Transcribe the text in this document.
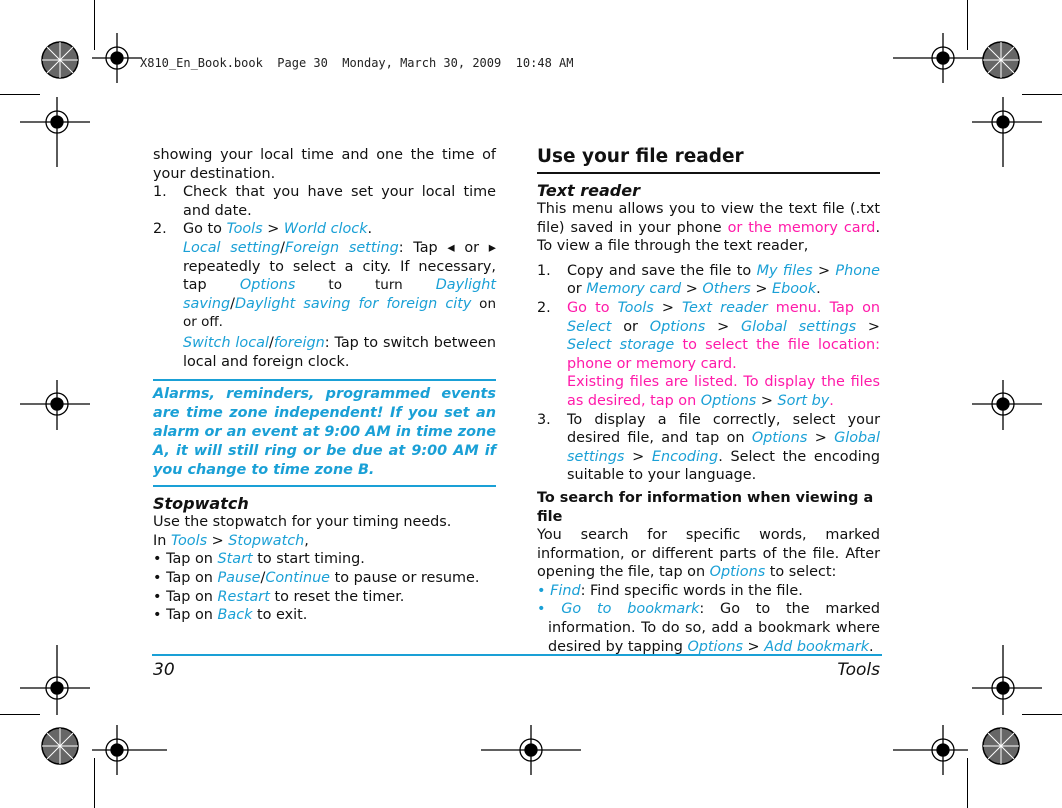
X810_En_Book.book  Page 30  Monday, March 30, 2009  10:48 AM

showing your local time and one the time of your destination.

1.	Check that you have set your local time and date.
2.	Go to Tools > World clock.

Local setting/Foreign setting: Tap ◂ or ▸ repeatedly to select a city. If necessary, tap Options to turn Daylight saving/Daylight saving for foreign city on or off.

Switch local/foreign: Tap to switch between local and foreign clock.

Alarms, reminders, programmed events are time zone independent! If you set an alarm or an event at 9:00 AM in time zone A, it will still ring or be due at 9:00 AM if you change to time zone B.

Stopwatch

Use the stopwatch for your timing needs.

In Tools > Stopwatch,

• Tap on Start to start timing.

• Tap on Pause/Continue to pause or resume.

• Tap on Restart to reset the timer.

• Tap on Back to exit.

Use your file reader

Text reader

This menu allows you to view the text file (.txt file) saved in your phone or the memory card. To view a file through the text reader,

1.	Copy and save the file to My files > Phone or Memory card > Others > Ebook.
2.	Go to Tools > Text reader menu. Tap on Select or Options > Global settings > Select storage to select the file location: phone or memory card.

Existing files are listed. To display the files as desired, tap on Options > Sort by.

3.	To display a file correctly, select your desired file, and tap on Options > Global settings > Encoding. Select the encoding suitable to your language.

To search for information when viewing a file

You search for specific words, marked information, or different parts of the file. After opening the file, tap on Options to select:

• Find: Find specific words in the file.

• Go to bookmark: Go to the marked information. To do so, add a bookmark where desired by tapping Options > Add bookmark.

30	Tools
